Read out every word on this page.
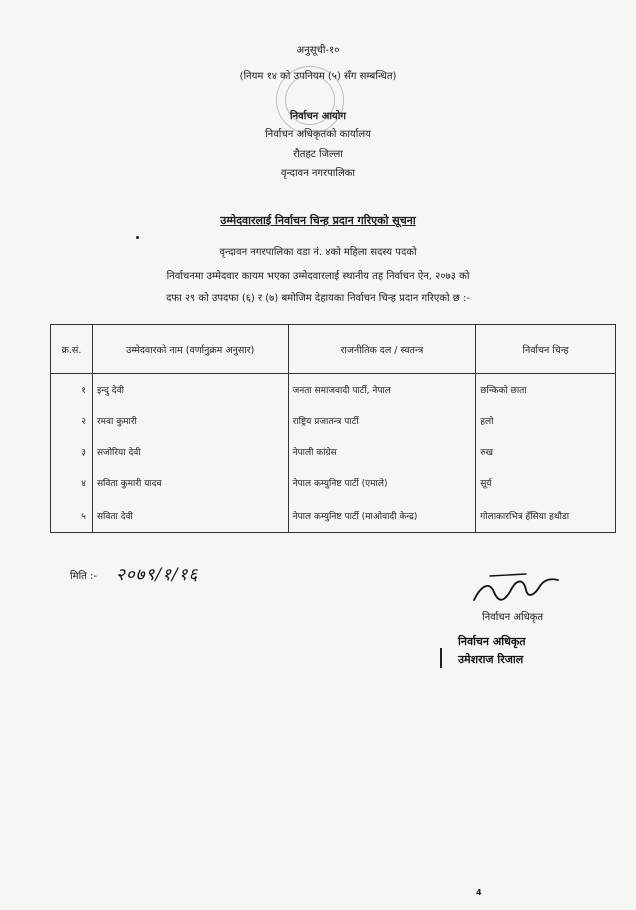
अनुसूची-१०
(नियम १४ को उपनियम (५) सँग सम्बन्धित)
निर्वाचन आयोग
निर्वाचन अधिकृतको कार्यालय
रौतहट जिल्ला
वृन्दावन नगरपालिका
उम्मेदवारलाई निर्वाचन चिन्ह प्रदान गरिएको सूचना
वृन्दावन नगरपालिका वडा नं. ४को महिला सदस्य पदको
निर्वाचनमा उम्मेदवार कायम भएका उम्मेदवारलाई स्थानीय तह निर्वाचन ऐन, २०७३ को
दफा २९ को उपदफा (६) र (७) बमोजिम देहायका निर्वाचन चिन्ह प्रदान गरिएको छ :-
क्र.सं.	उम्मेदवारको नाम (वर्णानुक्रम अनुसार)	राजनीतिक दल / स्वतन्त्र	निर्वाचन चिन्ह
१	इन्दु देवी	जनता समाजवादी पार्टी, नेपाल	छन्किको छाता
२	रमवा कुमारी	राष्ट्रिय प्रजातन्त्र पार्टी	हलो
३	सजोरिया देवी	नेपाली कांग्रेस	रुख
४	सविता कुमारी यादव	नेपाल कम्युनिष्ट पार्टी (एमाले)	सूर्य
५	सविता देवी	नेपाल कम्युनिष्ट पार्टी (माओवादी केन्द्र)	गोलाकारभित्र हँसिया हथौडा
मिति :- २०७९/१/१६
निर्वाचन अधिकृत
निर्वाचन अधिकृत
उमेशराज रिजाल
4
